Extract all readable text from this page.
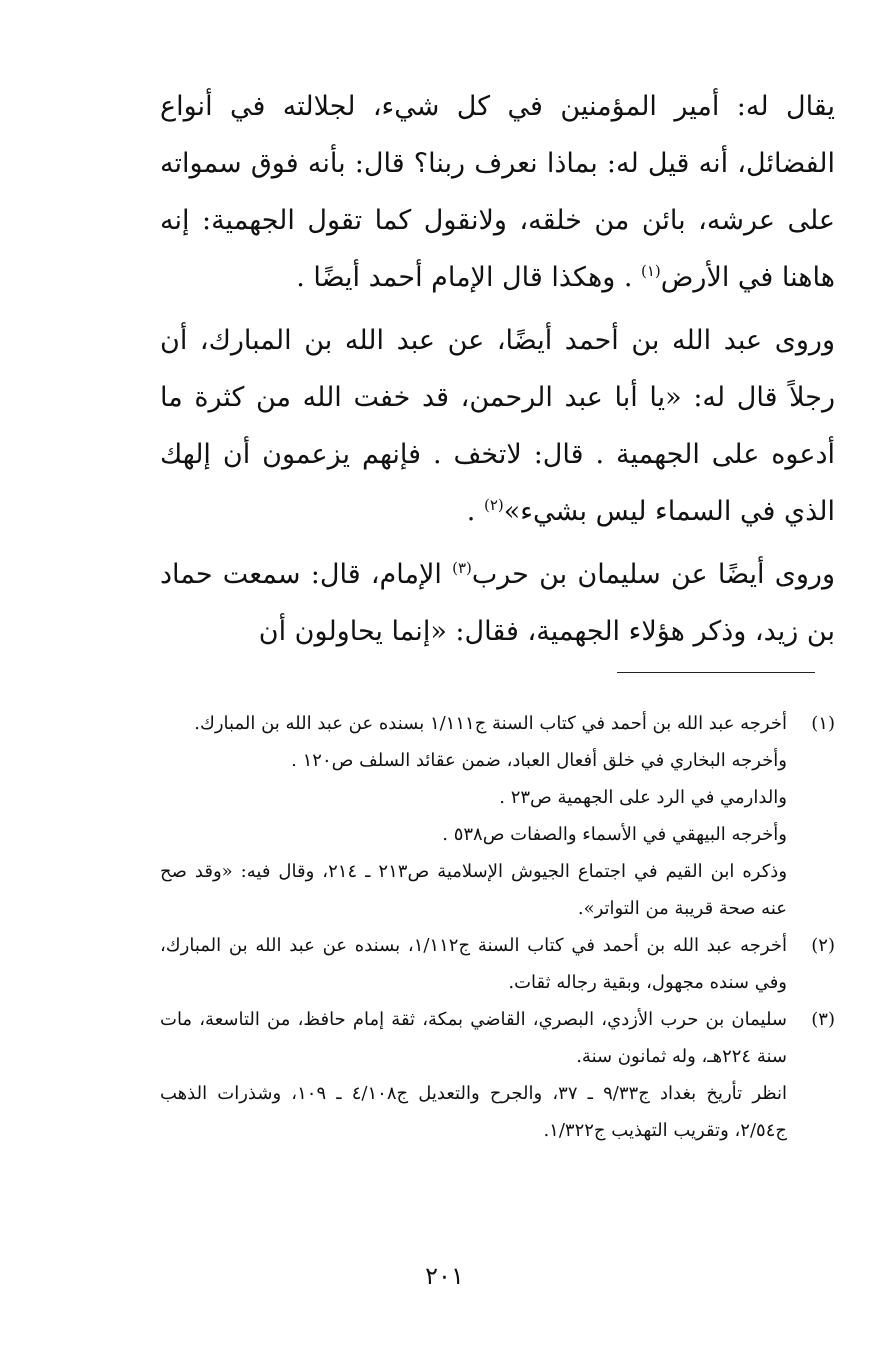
يقال له: أمير المؤمنين في كل شيء، لجلالته في أنواع الفضائل، أنه قيل له: بماذا نعرف ربنا؟ قال: بأنه فوق سمواته على عرشه، بائن من خلقه، ولانقول كما تقول الجهمية: إنه هاهنا في الأرض$^{(١)}$ . وهكذا قال الإمام أحمد أيضًا .

وروى عبد الله بن أحمد أيضًا، عن عبد الله بن المبارك، أن رجلاً قال له: «يا أبا عبد الرحمن، قد خفت الله من كثرة ما أدعوه على الجهمية . قال: لاتخف . فإنهم يزعمون أن إلهك الذي في السماء ليس بشيء»$^{(٢)}$ .

وروى أيضًا عن سليمان بن حرب$^{(٣)}$ الإمام، قال: سمعت حماد بن زيد، وذكر هؤلاء الجهمية، فقال: «إنما يحاولون أن

(١)
أخرجه عبد الله بن أحمد في كتاب السنة ج١/١١١ بسنده عن عبد الله بن المبارك.
وأخرجه البخاري في خلق أفعال العباد، ضمن عقائد السلف ص١٢٠ .
والدارمي في الرد على الجهمية ص٢٣ .
وأخرجه البيهقي في الأسماء والصفات ص٥٣٨ .
وذكره ابن القيم في اجتماع الجيوش الإسلامية ص٢١٣ ـ ٢١٤، وقال فيه: «وقد صح عنه صحة قريبة من التواتر».
(٢)
أخرجه عبد الله بن أحمد في كتاب السنة ج١/١١٢، بسنده عن عبد الله بن المبارك، وفي سنده مجهول، وبقية رجاله ثقات.
(٣)
سليمان بن حرب الأزدي، البصري، القاضي بمكة، ثقة إمام حافظ، من التاسعة، مات سنة ٢٢٤هـ، وله ثمانون سنة.
انظر تأريخ بغداد ج٩/٣٣ ـ ٣٧، والجرح والتعديل ج٤/١٠٨ ـ ١٠٩، وشذرات الذهب ج٢/٥٤، وتقريب التهذيب ج١/٣٢٢.
٢٠١
